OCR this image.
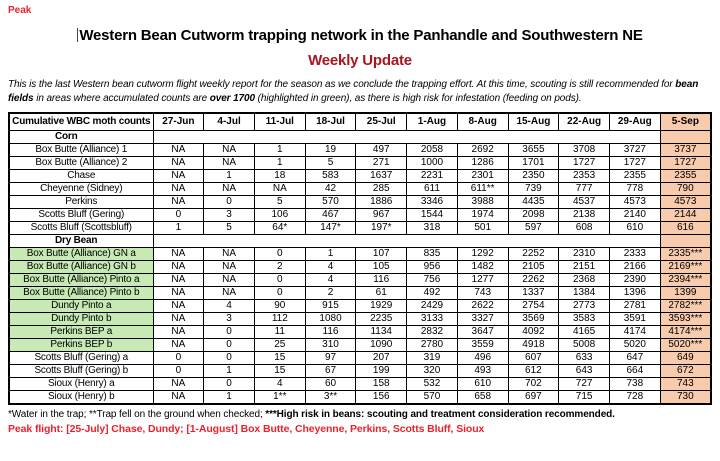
Peak
Western Bean Cutworm trapping network in the Panhandle and Southwestern NE
Weekly Update

This is the last Western bean cutworm flight weekly report for the season as we conclude the trapping effort. At this time, scouting is still recommended for bean fields in areas where accumulated counts are over 1700 (highlighted in green), as there is high risk for infestation (feeding on pods).

Cumulative WBC moth counts	27-Jun	4-Jul	11-Jul	18-Jul	25-Jul	1-Aug	8-Aug	15-Aug	22-Aug	29-Aug	5-Sep
Corn											
Box Butte (Alliance) 1	NA	NA	1	19	497	2058	2692	3655	3708	3727	3737
Box Butte (Alliance) 2	NA	NA	1	5	271	1000	1286	1701	1727	1727	1727
Chase	NA	1	18	583	1637	2231	2301	2350	2353	2355	2355
Cheyenne (Sidney)	NA	NA	NA	42	285	611	611**	739	777	778	790
Perkins	NA	0	5	570	1886	3346	3988	4435	4537	4573	4573
Scotts Bluff (Gering)	0	3	106	467	967	1544	1974	2098	2138	2140	2144
Scotts Bluff (Scottsbluff)	1	5	64*	147*	197*	318	501	597	608	610	616
Dry Bean											
Box Butte (Alliance) GN a	NA	NA	0	1	107	835	1292	2252	2310	2333	2335***
Box Butte (Alliance) GN b	NA	NA	2	4	105	956	1482	2105	2151	2166	2169***
Box Butte (Alliance) Pinto a	NA	NA	0	4	116	756	1277	2262	2368	2390	2394***
Box Butte (Alliance) Pinto b	NA	NA	0	2	61	492	743	1337	1384	1396	1399
Dundy Pinto a	NA	4	90	915	1929	2429	2622	2754	2773	2781	2782***
Dundy Pinto b	NA	3	112	1080	2235	3133	3327	3569	3583	3591	3593***
Perkins BEP a	NA	0	11	116	1134	2832	3647	4092	4165	4174	4174***
Perkins BEP b	NA	0	25	310	1090	2780	3559	4918	5008	5020	5020***
Scotts Bluff (Gering) a	0	0	15	97	207	319	496	607	633	647	649
Scotts Bluff (Gering) b	0	1	15	67	199	320	493	612	643	664	672
Sioux (Henry) a	NA	0	4	60	158	532	610	702	727	738	743
Sioux (Henry) b	NA	1	1**	3**	156	570	658	697	715	728	730

*Water in the trap; **Trap fell on the ground when checked; ***High risk in beans: scouting and treatment consideration recommended.

Peak flight: [25-July] Chase, Dundy; [1-August] Box Butte, Cheyenne, Perkins, Scotts Bluff, Sioux
